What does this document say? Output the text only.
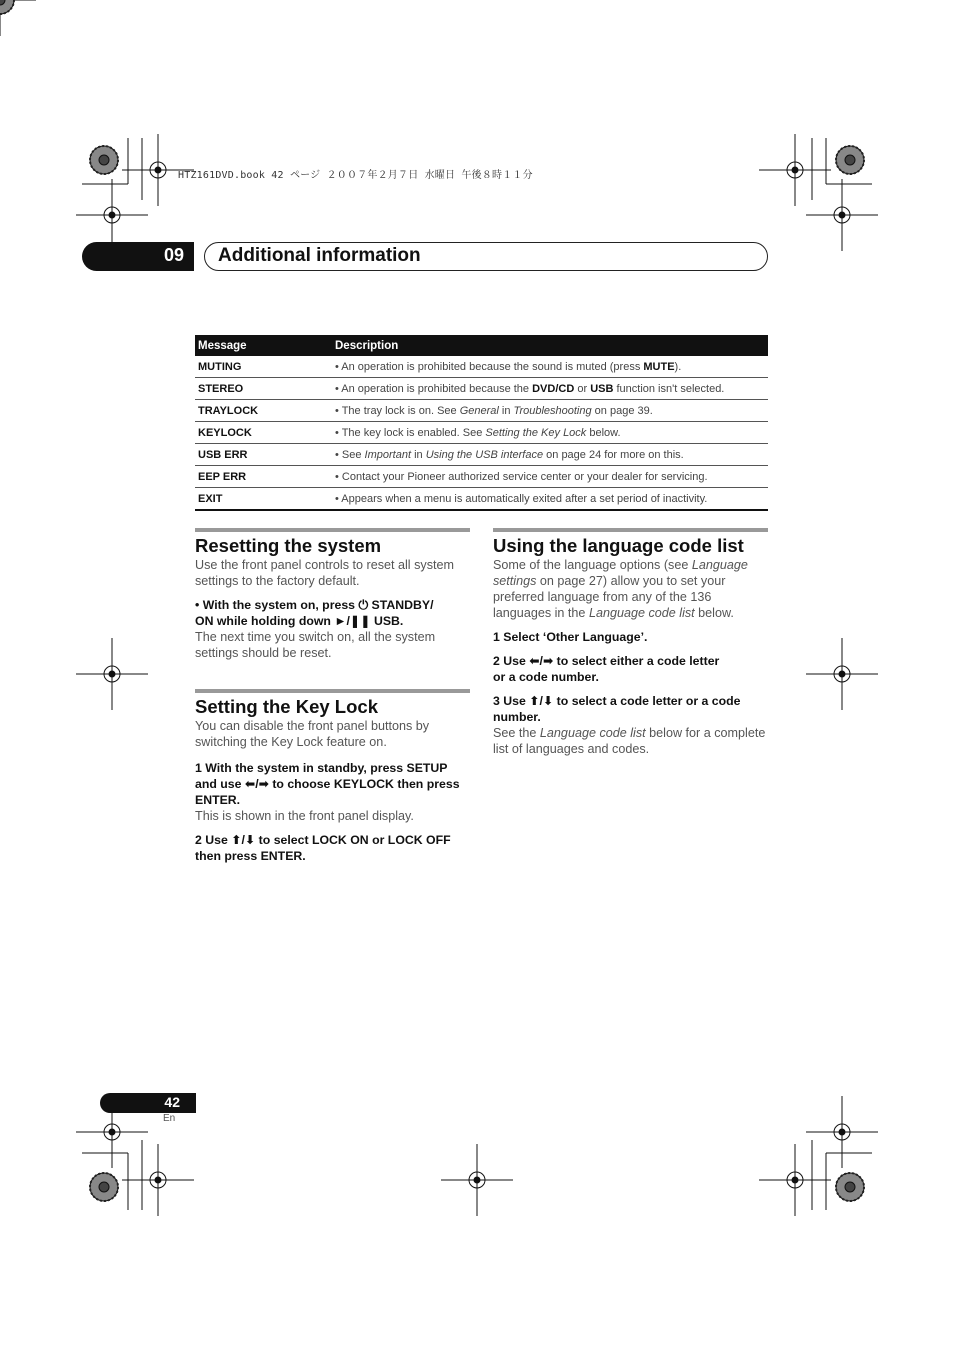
HTZ161DVD.book 42 ページ ２００７年２月７日 水曜日 午後８時１１分
09 Additional information
Message	Description
MUTING	• An operation is prohibited because the sound is muted (press MUTE).
STEREO	• An operation is prohibited because the DVD/CD or USB function isn't selected.
TRAYLOCK	• The tray lock is on. See General in Troubleshooting on page 39.
KEYLOCK	• The key lock is enabled. See Setting the Key Lock below.
USB ERR	• See Important in Using the USB interface on page 24 for more on this.
EEP ERR	• Contact your Pioneer authorized service center or your dealer for servicing.
EXIT	• Appears when a menu is automatically exited after a set period of inactivity.
Resetting the system

Use the front panel controls to reset all system settings to the factory default.

• With the system on, press ⏻ STANDBY/

ON while holding down ►/❚❚ USB.

The next time you switch on, all the system settings should be reset.

Setting the Key Lock

You can disable the front panel buttons by switching the Key Lock feature on.

1 With the system in standby, press SETUP

and use ⬅/➡ to choose KEYLOCK then press

ENTER.

This is shown in the front panel display.

2 Use ⬆/⬇ to select LOCK ON or LOCK OFF

then press ENTER.

Using the language code list

Some of the language options (see Language settings on page 27) allow you to set your preferred language from any of the 136 languages in the Language code list below.

1 Select ‘Other Language’.

2 Use ⬅/➡ to select either a code letter

or a code number.

3 Use ⬆/⬇ to select a code letter or a code

number.

See the Language code list below for a complete list of languages and codes.

42
En
